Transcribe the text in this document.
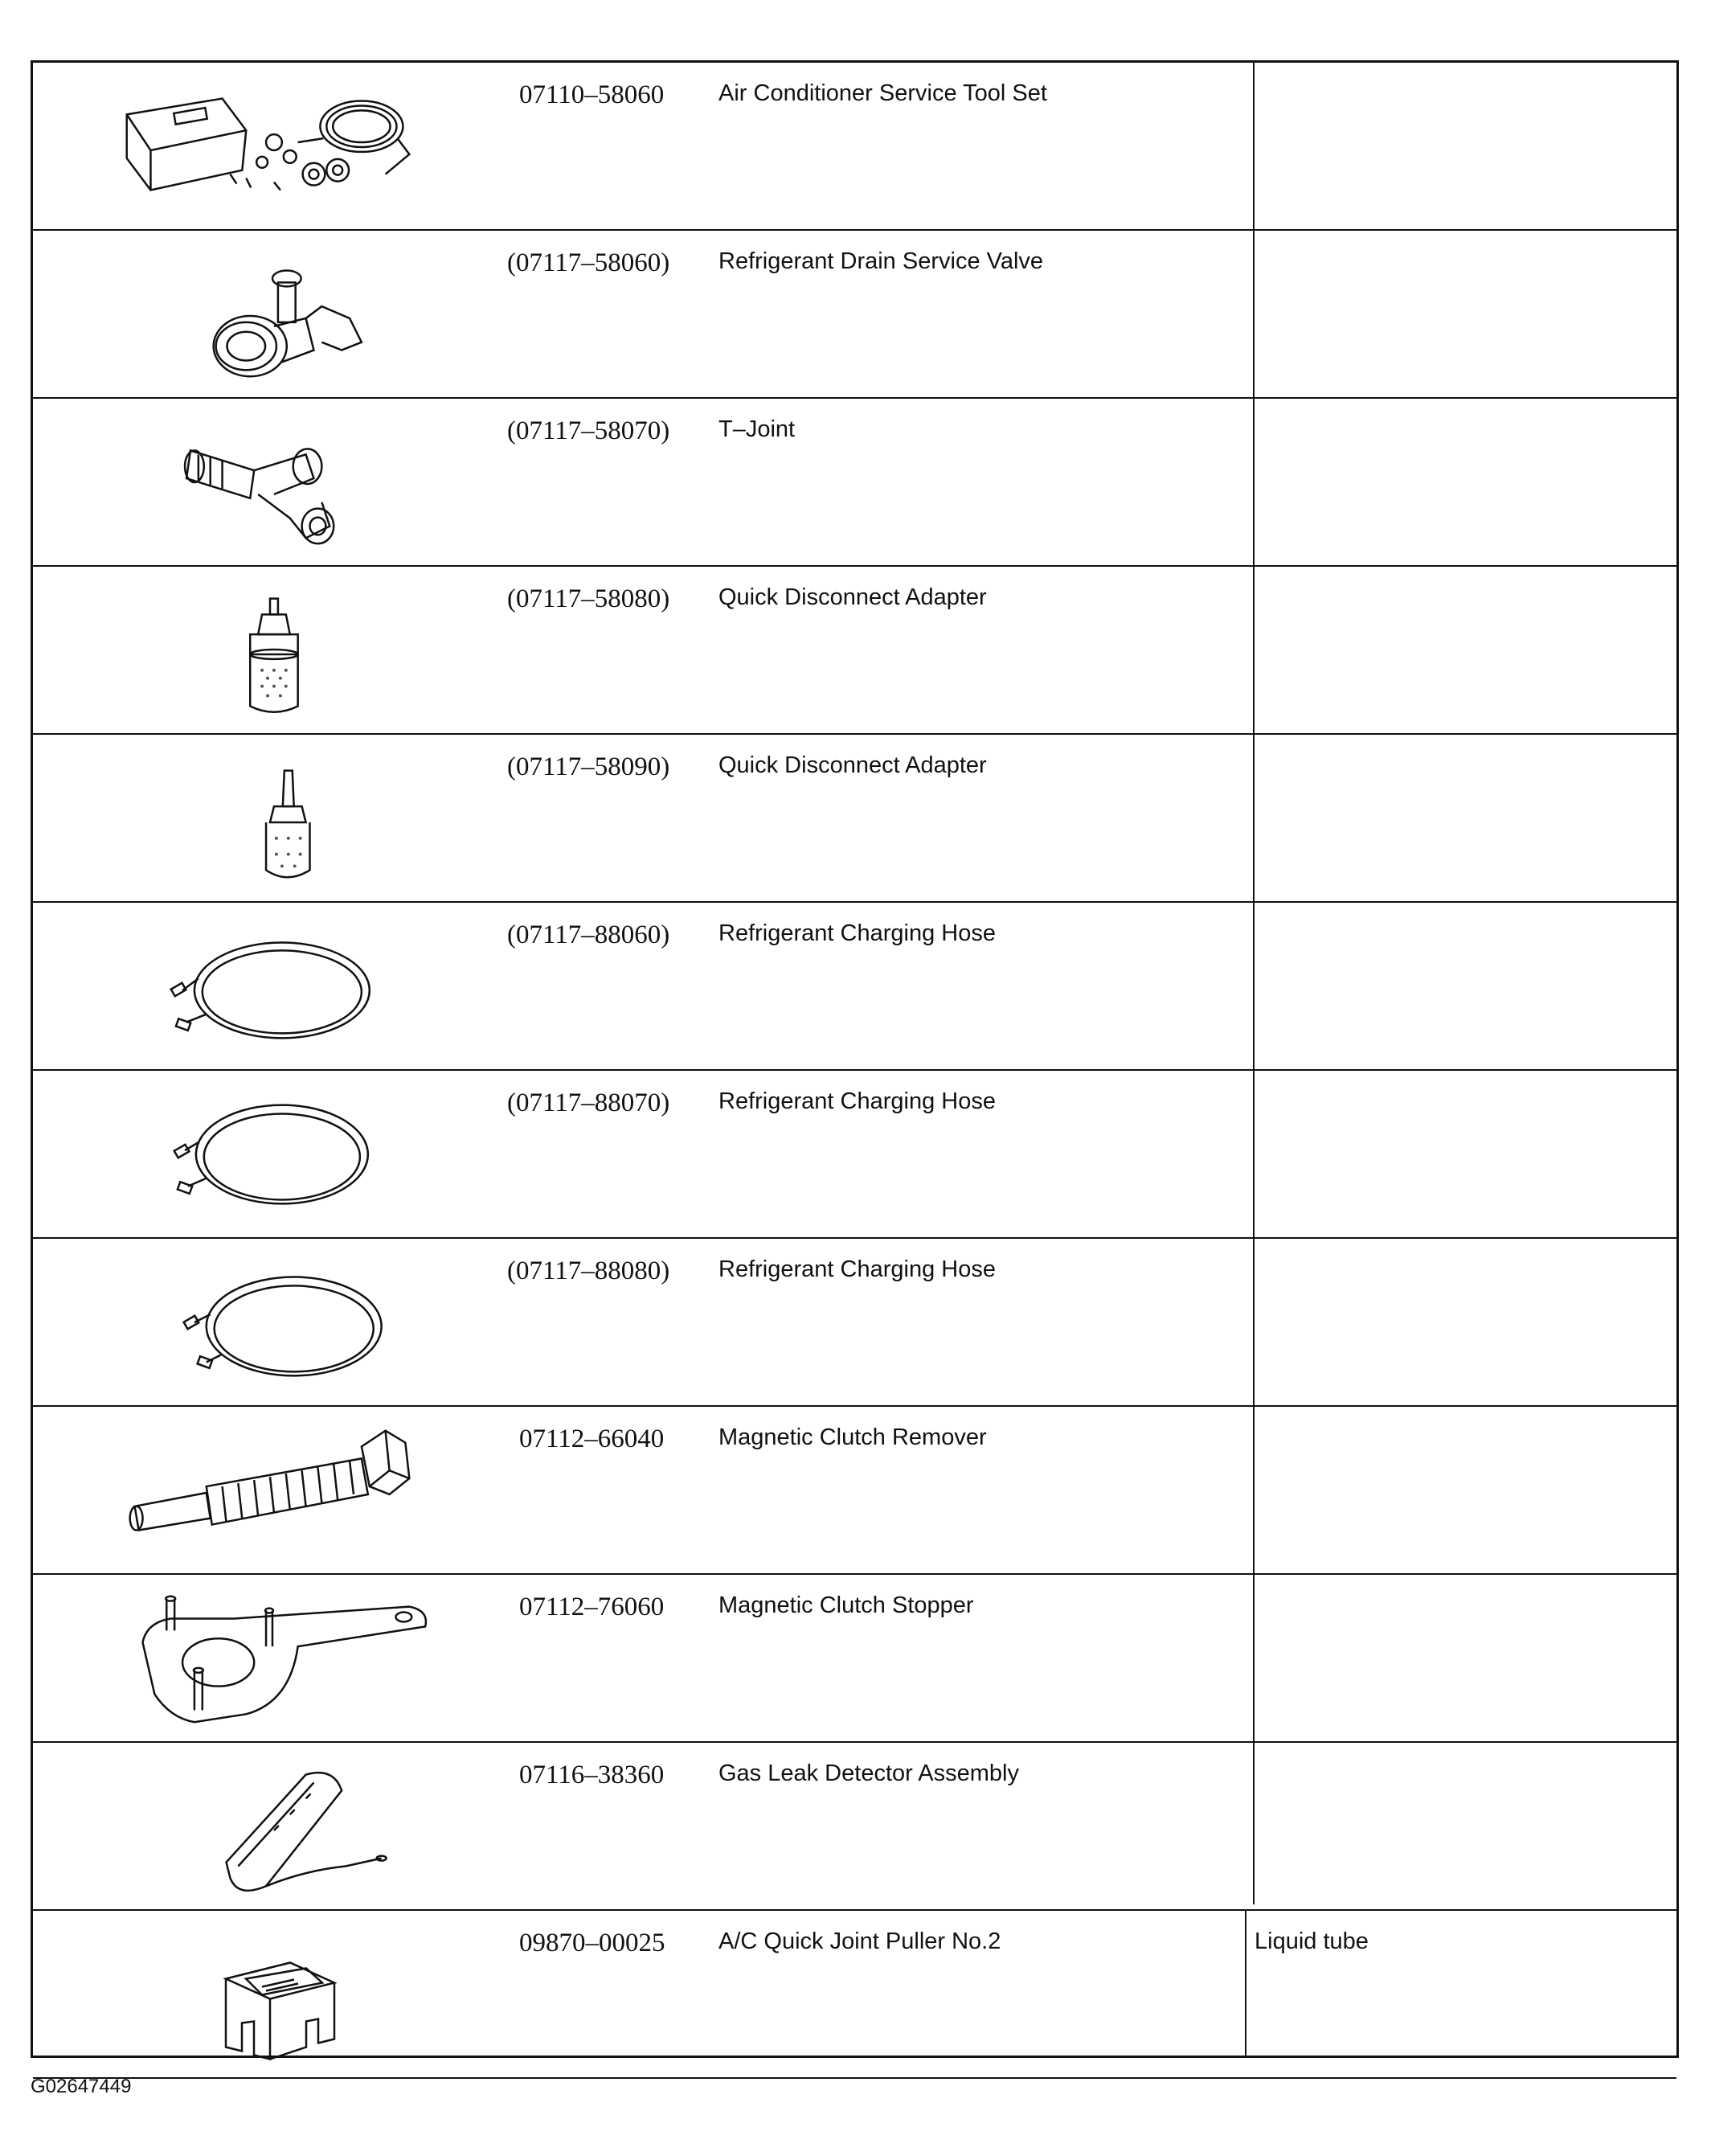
07110–58060	Air Conditioner Service Tool Set
(07117–58060)	Refrigerant Drain Service Valve
(07117–58070)	T–Joint
(07117–58080)	Quick Disconnect Adapter
(07117–58090)	Quick Disconnect Adapter
(07117–88060)	Refrigerant Charging Hose
(07117–88070)	Refrigerant Charging Hose
(07117–88080)	Refrigerant Charging Hose
07112–66040	Magnetic Clutch Remover
07112–76060	Magnetic Clutch Stopper
07116–38360	Gas Leak Detector Assembly
09870–00025	A/C Quick Joint Puller No.2	Liquid tube
G02647449
